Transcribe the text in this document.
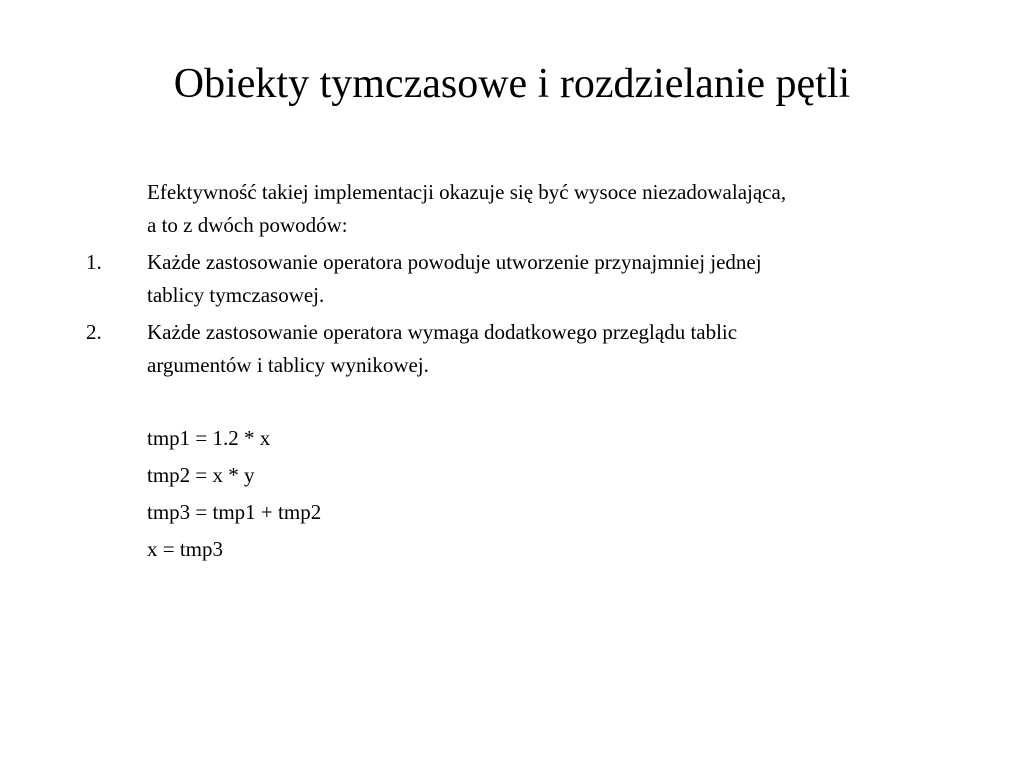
Obiekty tymczasowe i rozdzielanie pętli
Efektywność takiej implementacji okazuje się być wysoce niezadowalająca,
a to z dwóch powodów:
1. Każde zastosowanie operatora powoduje utworzenie przynajmniej jednej
tablicy tymczasowej.
2. Każde zastosowanie operatora wymaga dodatkowego przeglądu tablic
argumentów i tablicy wynikowej.
tmp1 = 1.2 * x
tmp2 = x * y
tmp3 = tmp1 + tmp2
x = tmp3
